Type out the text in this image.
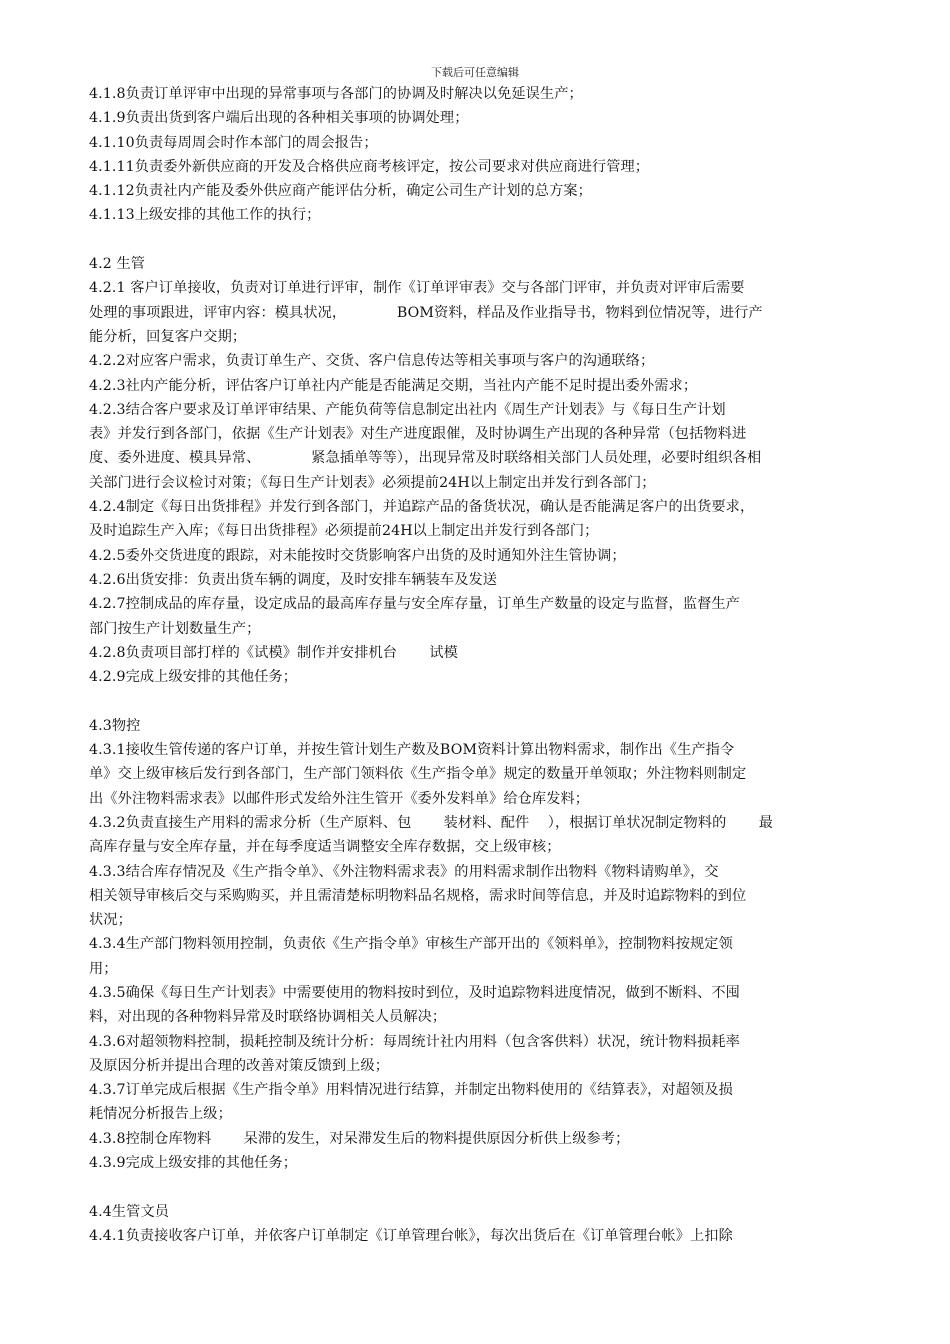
下载后可任意编辑
4.1.8负责订单评审中出现的异常事项与各部门的协调及时解决以免延误生产；
4.1.9负责出货到客户端后出现的各种相关事项的协调处理；
4.1.10负责每周周会时作本部门的周会报告；
4.1.11负责委外新供应商的开发及合格供应商考核评定，按公司要求对供应商进行管理；
4.1.12负责社内产能及委外供应商产能评估分析，确定公司生产计划的总方案；
4.1.13上级安排的其他工作的执行；
4.2 生管
4.2.1 客户订单接收，负责对订单进行评审，制作《订单评审表》交与各部门评审，并负责对评审后需要
处理的事项跟进，评审内容：模具状况，           BOM资料，样品及作业指导书，物料到位情况等，进行产
能分析，回复客户交期；
4.2.2对应客户需求，负责订单生产、交货、客户信息传达等相关事项与客户的沟通联络；
4.2.3社内产能分析，评估客户订单社内产能是否能满足交期，当社内产能不足时提出委外需求；
4.2.3结合客户要求及订单评审结果、产能负荷等信息制定出社内《周生产计划表》与《每日生产计划
表》并发行到各部门，依据《生产计划表》对生产进度跟催，及时协调生产出现的各种异常（包括物料进
度、委外进度、模具异常、           紧急插单等等），出现异常及时联络相关部门人员处理，必要时组织各相
关部门进行会议检讨对策；《每日生产计划表》必须提前24H以上制定出并发行到各部门；
4.2.4制定《每日出货排程》并发行到各部门，并追踪产品的备货状况，确认是否能满足客户的出货要求，
及时追踪生产入库；《每日出货排程》必须提前24H以上制定出并发行到各部门；
4.2.5委外交货进度的跟踪，对未能按时交货影响客户出货的及时通知外注生管协调；
4.2.6出货安排：负责出货车辆的调度，及时安排车辆装车及发送
4.2.7控制成品的库存量，设定成品的最高库存量与安全库存量，订单生产数量的设定与监督，监督生产
部门按生产计划数量生产；
4.2.8负责项目部打样的《试模》制作并安排机台       试模
4.2.9完成上级安排的其他任务；
4.3物控
4.3.1接收生管传递的客户订单，并按生管计划生产数及BOM资料计算出物料需求，制作出《生产指令
单》交上级审核后发行到各部门，生产部门领料依《生产指令单》规定的数量开单领取；外注物料则制定
出《外注物料需求表》以邮件形式发给外注生管开《委外发料单》给仓库发料；
4.3.2负责直接生产用料的需求分析（生产原料、包       装材料、配件    ），根据订单状况制定物料的       最
高库存量与安全库存量，并在每季度适当调整安全库存数据，交上级审核；
4.3.3结合库存情况及《生产指令单》、《外注物料需求表》的用料需求制作出物料《物料请购单》，交
相关领导审核后交与采购购买，并且需清楚标明物料品名规格，需求时间等信息，并及时追踪物料的到位
状况；
4.3.4生产部门物料领用控制，负责依《生产指令单》审核生产部开出的《领料单》，控制物料按规定领
用；
4.3.5确保《每日生产计划表》中需要使用的物料按时到位，及时追踪物料进度情况，做到不断料、不囤
料，对出现的各种物料异常及时联络协调相关人员解决；
4.3.6对超领物料控制，损耗控制及统计分析：每周统计社内用料（包含客供料）状况，统计物料损耗率
及原因分析并提出合理的改善对策反馈到上级；
4.3.7订单完成后根据《生产指令单》用料情况进行结算，并制定出物料使用的《结算表》，对超领及损
耗情况分析报告上级；
4.3.8控制仓库物料       呆滞的发生，对呆滞发生后的物料提供原因分析供上级参考；
4.3.9完成上级安排的其他任务；
4.4生管文员
4.4.1负责接收客户订单，并依客户订单制定《订单管理台帐》，每次出货后在《订单管理台帐》上扣除
